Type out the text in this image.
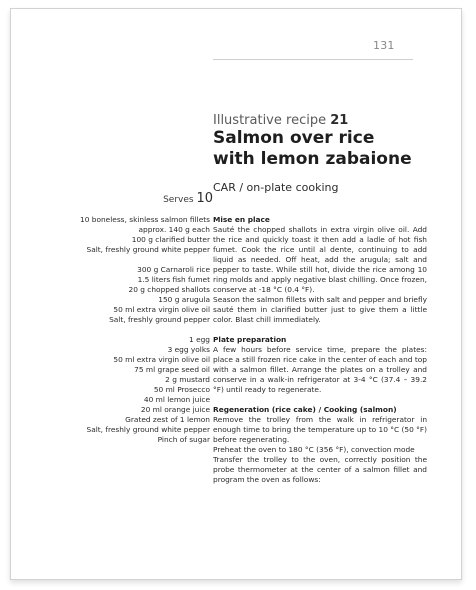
131
Illustrative recipe 21
Salmon over rice
with lemon zabaione
CAR / on-plate cooking
Serves 10
10 boneless, skinless salmon fillets
approx. 140 g each
100 g clarified butter
Salt, freshly ground white pepper
300 g Carnaroli rice
1.5 liters fish fumet
20 g chopped shallots
150 g arugula
50 ml extra virgin olive oil
Salt, freshly ground pepper
1 egg
3 egg yolks
50 ml extra virgin olive oil
75 ml grape seed oil
2 g mustard
50 ml Prosecco
40 ml lemon juice
20 ml orange juice
Grated zest of 1 lemon
Salt, freshly ground white pepper
Pinch of sugar
Mise en place
Sauté the chopped shallots in extra virgin olive oil. Add the rice and quickly toast it then add a ladle of hot fish fumet. Cook the rice until al dente, continuing to add liquid as needed. Off heat, add the arugula; salt and pepper to taste. While still hot, divide the rice among 10 ring molds and apply negative blast chilling. Once frozen, conserve at -18 °C (0.4 °F).
Season the salmon fillets with salt and pepper and briefly sauté them in clarified butter just to give them a little color. Blast chill immediately.
Plate preparation
A few hours before service time, prepare the plates: place a still frozen rice cake in the center of each and top with a salmon fillet. Arrange the plates on a trolley and conserve in a walk-in refrigerator at 3-4 °C (37.4 – 39.2 °F) until ready to regenerate.
Regeneration (rice cake) / Cooking (salmon)
Remove the trolley from the walk in refrigerator in enough time to bring the temperature up to 10 °C (50 °F) before regenerating.
Preheat the oven to 180 °C (356 °F), convection mode
Transfer the trolley to the oven, correctly position the probe thermometer at the center of a salmon fillet and program the oven as follows:
